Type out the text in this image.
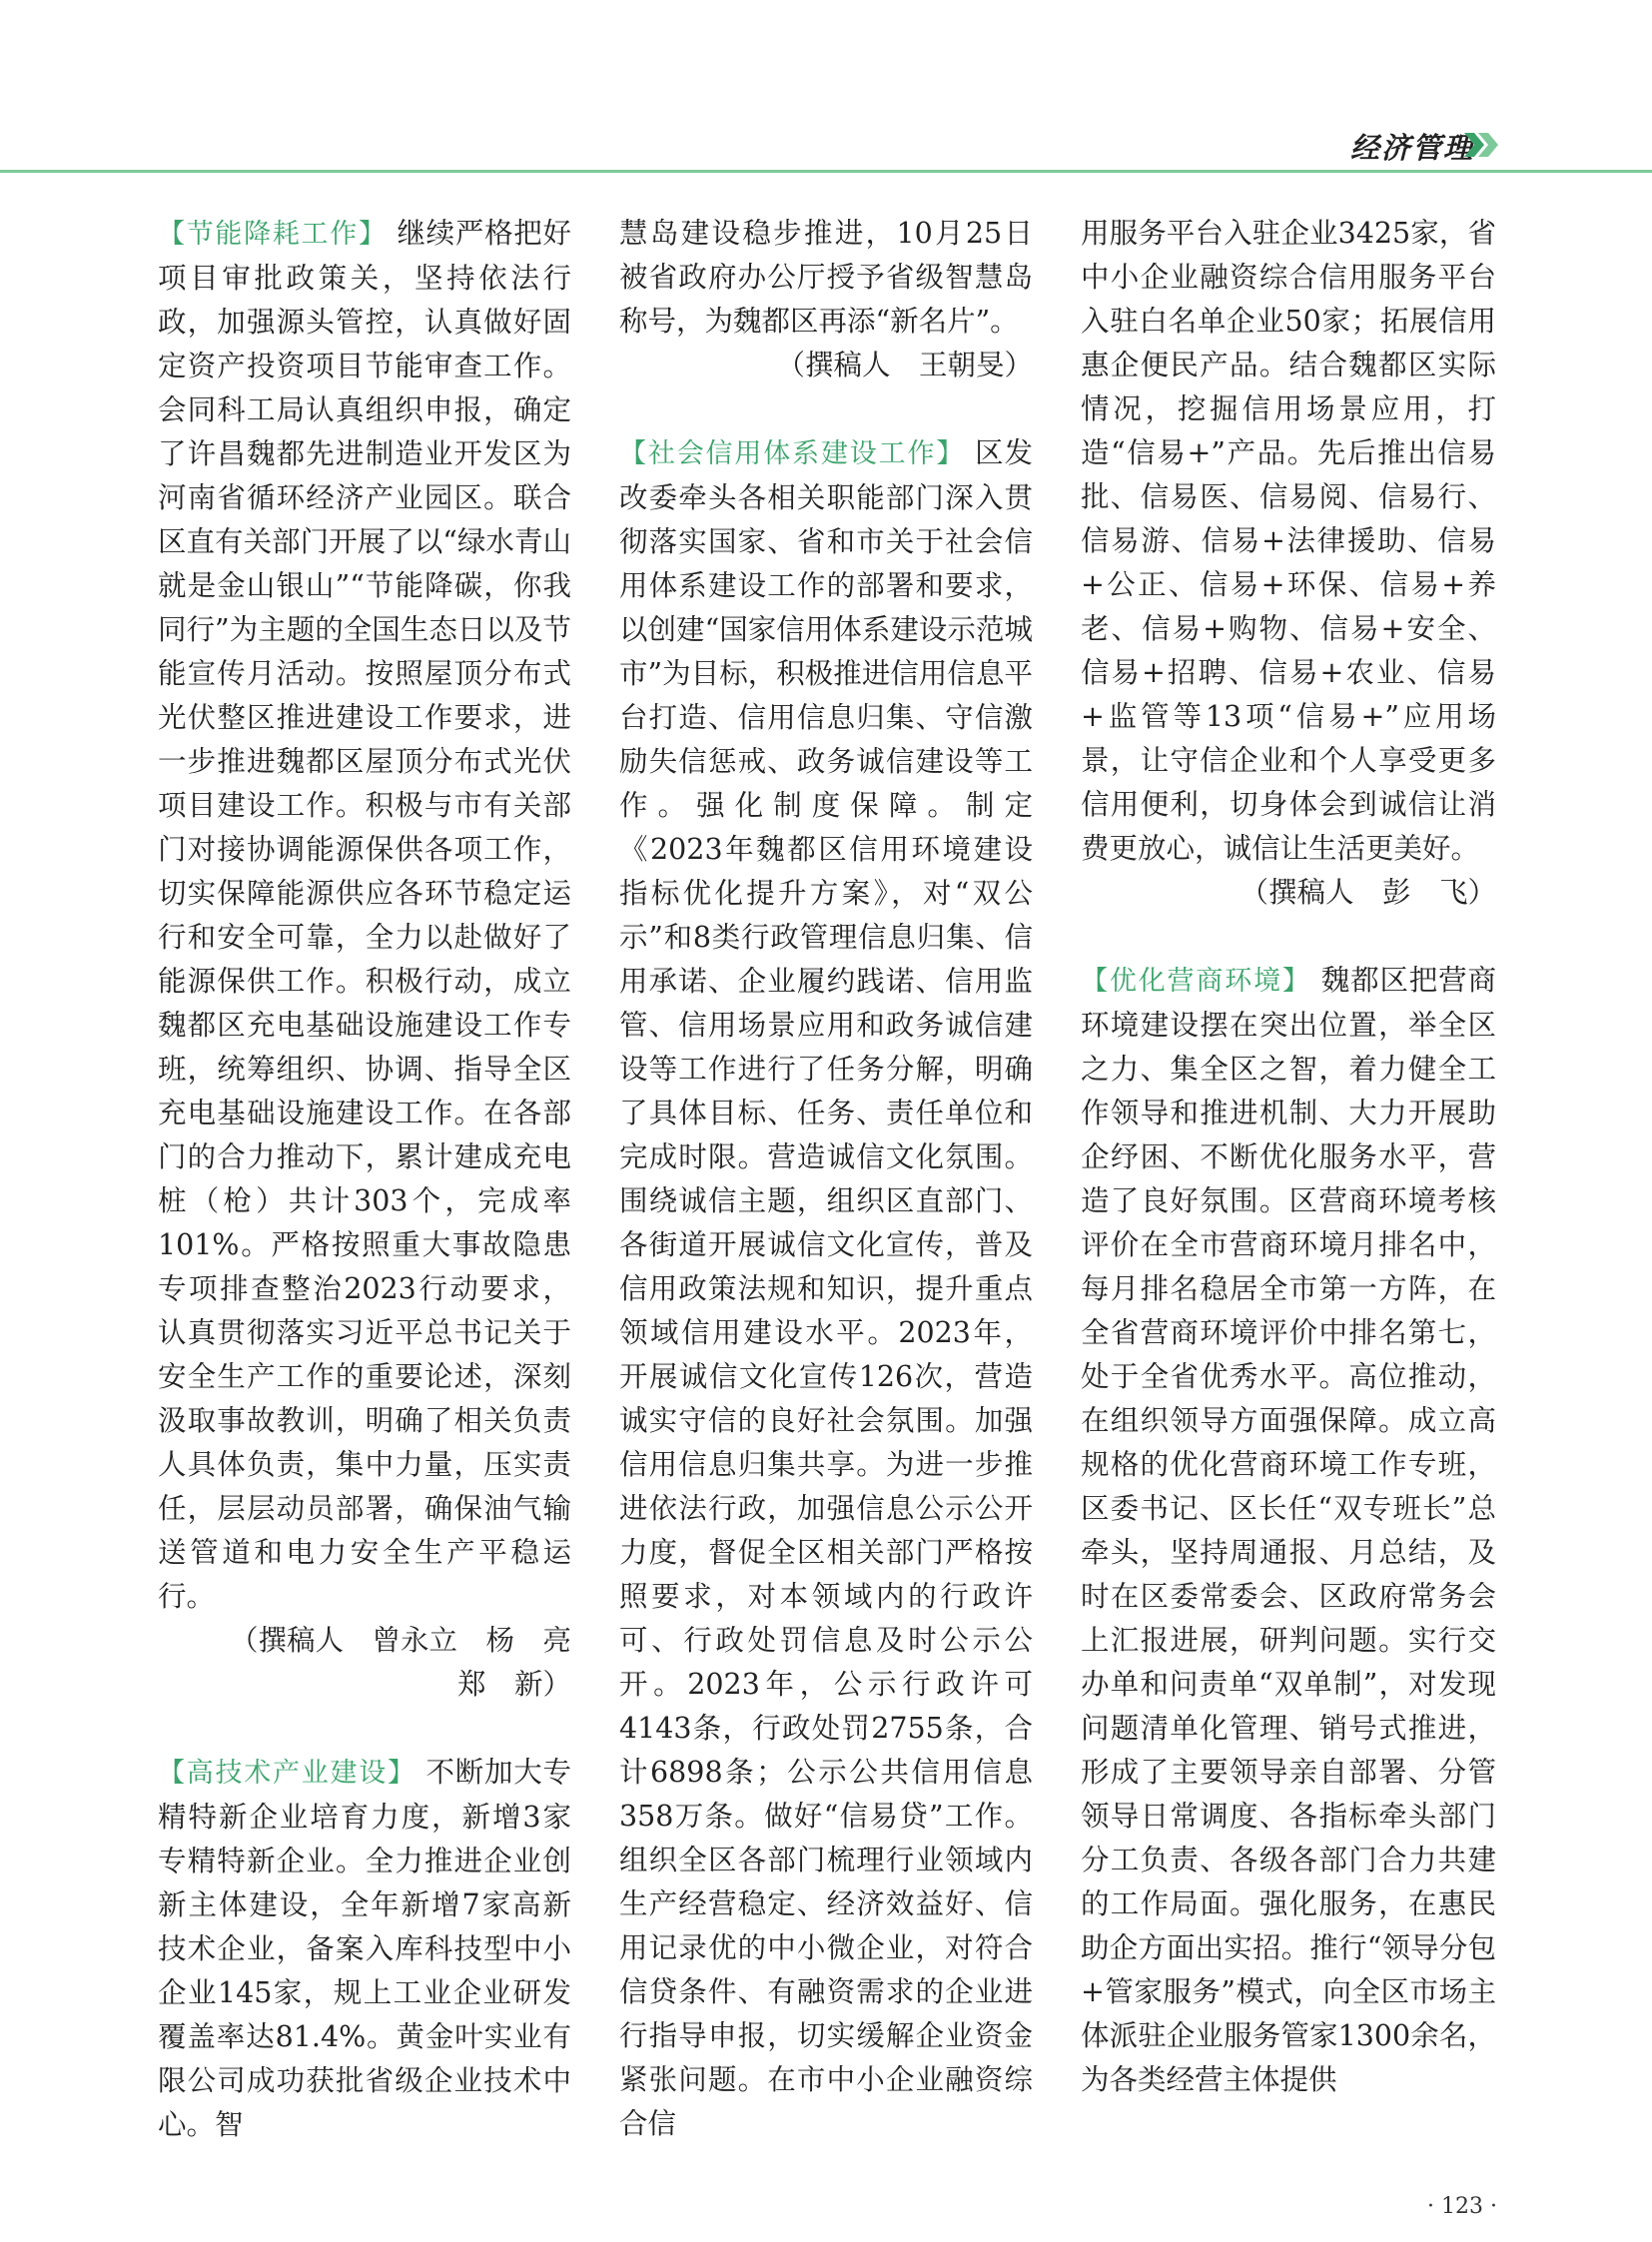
经济管理

【节能降耗工作】 继续严格把好项目审批政策关，坚持依法行政，加强源头管控，认真做好固定资产投资项目节能审查工作。会同科工局认真组织申报，确定了许昌魏都先进制造业开发区为河南省循环经济产业园区。联合区直有关部门开展了以“绿水青山就是金山银山”“节能降碳，你我同行”为主题的全国生态日以及节能宣传月活动。按照屋顶分布式光伏整区推进建设工作要求，进一步推进魏都区屋顶分布式光伏项目建设工作。积极与市有关部门对接协调能源保供各项工作，切实保障能源供应各环节稳定运行和安全可靠，全力以赴做好了能源保供工作。积极行动，成立魏都区充电基础设施建设工作专班，统筹组织、协调、指导全区充电基础设施建设工作。在各部门的合力推动下，累计建成充电桩（枪）共计303个，完成率101%。严格按照重大事故隐患专项排查整治2023行动要求，认真贯彻落实习近平总书记关于安全生产工作的重要论述，深刻汲取事故教训，明确了相关负责人具体负责，集中力量，压实责任，层层动员部署，确保油气输送管道和电力安全生产平稳运行。

（撰稿人　曾永立　杨　亮

郑　新）

【高技术产业建设】 不断加大专精特新企业培育力度，新增3家专精特新企业。全力推进企业创新主体建设，全年新增7家高新技术企业，备案入库科技型中小企业145家，规上工业企业研发覆盖率达81.4%。黄金叶实业有限公司成功获批省级企业技术中心。智

慧岛建设稳步推进，10月25日被省政府办公厅授予省级智慧岛称号，为魏都区再添“新名片”。

（撰稿人　王朝旻）

【社会信用体系建设工作】 区发改委牵头各相关职能部门深入贯彻落实国家、省和市关于社会信用体系建设工作的部署和要求，以创建“国家信用体系建设示范城市”为目标，积极推进信用信息平台打造、信用信息归集、守信激励失信惩戒、政务诚信建设等工作。强化制度保障。制定《2023年魏都区信用环境建设指标优化提升方案》，对“双公示”和8类行政管理信息归集、信用承诺、企业履约践诺、信用监管、信用场景应用和政务诚信建设等工作进行了任务分解，明确了具体目标、任务、责任单位和完成时限。营造诚信文化氛围。围绕诚信主题，组织区直部门、各街道开展诚信文化宣传，普及信用政策法规和知识，提升重点领域信用建设水平。2023年，开展诚信文化宣传126次，营造诚实守信的良好社会氛围。加强信用信息归集共享。为进一步推进依法行政，加强信息公示公开力度，督促全区相关部门严格按照要求，对本领域内的行政许可、行政处罚信息及时公示公开。2023年，公示行政许可4143条，行政处罚2755条，合计6898条；公示公共信用信息358万条。做好“信易贷”工作。组织全区各部门梳理行业领域内生产经营稳定、经济效益好、信用记录优的中小微企业，对符合信贷条件、有融资需求的企业进行指导申报，切实缓解企业资金紧张问题。在市中小企业融资综合信

用服务平台入驻企业3425家，省中小企业融资综合信用服务平台入驻白名单企业50家；拓展信用惠企便民产品。结合魏都区实际情况，挖掘信用场景应用，打造“信易+”产品。先后推出信易批、信易医、信易阅、信易行、信易游、信易+法律援助、信易+公正、信易+环保、信易+养老、信易+购物、信易+安全、信易+招聘、信易+农业、信易+监管等13项“信易+”应用场景，让守信企业和个人享受更多信用便利，切身体会到诚信让消费更放心，诚信让生活更美好。

（撰稿人　彭　飞）

【优化营商环境】 魏都区把营商环境建设摆在突出位置，举全区之力、集全区之智，着力健全工作领导和推进机制、大力开展助企纾困、不断优化服务水平，营造了良好氛围。区营商环境考核评价在全市营商环境月排名中，每月排名稳居全市第一方阵，在全省营商环境评价中排名第七，处于全省优秀水平。高位推动，在组织领导方面强保障。成立高规格的优化营商环境工作专班，区委书记、区长任“双专班长”总牵头，坚持周通报、月总结，及时在区委常委会、区政府常务会上汇报进展，研判问题。实行交办单和问责单“双单制”，对发现问题清单化管理、销号式推进，形成了主要领导亲自部署、分管领导日常调度、各指标牵头部门分工负责、各级各部门合力共建的工作局面。强化服务，在惠民助企方面出实招。推行“领导分包+管家服务”模式，向全区市场主体派驻企业服务管家1300余名，为各类经营主体提供

· 123 ·
